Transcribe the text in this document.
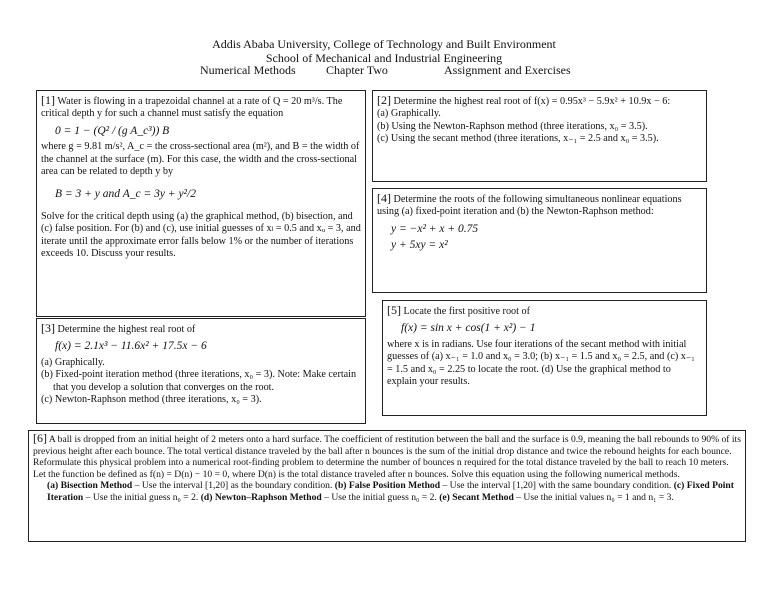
Addis Ababa University, College of Technology and Built Environment
School of Mechanical and Industrial Engineering
Numerical Methods	Chapter Two	Assignment and Exercises

[1] Water is flowing in a trapezoidal channel at a rate of Q = 20 m³/s. The critical depth y for such a channel must satisfy the equation

0 = 1 − (Q² / (g A_c³)) B

where g = 9.81 m/s², A_c = the cross-sectional area (m²), and B = the width of the channel at the surface (m). For this case, the width and the cross-sectional area can be related to depth y by

B = 3 + y and A_c = 3y + y²/2

Solve for the critical depth using (a) the graphical method, (b) bisection, and (c) false position. For (b) and (c), use initial guesses of xₗ = 0.5 and xᵤ = 3, and iterate until the approximate error falls below 1% or the number of iterations exceeds 10. Discuss your results.

[2] Determine the highest real root of f(x) = 0.95x³ − 5.9x² + 10.9x − 6:

(a) Graphically.

(b) Using the Newton-Raphson method (three iterations, x₀ = 3.5).

(c) Using the secant method (three iterations, x₋₁ = 2.5 and x₀ = 3.5).

[4] Determine the roots of the following simultaneous nonlinear equations using (a) fixed-point iteration and (b) the Newton-Raphson method:

y = −x² + x + 0.75
y + 5xy = x²

[3] Determine the highest real root of

f(x) = 2.1x³ − 11.6x² + 17.5x − 6

(a) Graphically.

(b) Fixed-point iteration method (three iterations, x₀ = 3). Note: Make certain that you develop a solution that converges on the root.

(c) Newton-Raphson method (three iterations, x₀ = 3).

[5] Locate the first positive root of

f(x) = sin x + cos(1 + x²) − 1

where x is in radians. Use four iterations of the secant method with initial guesses of (a) x₋₁ = 1.0 and x₀ = 3.0; (b) x₋₁ = 1.5 and x₀ = 2.5, and (c) x₋₁ = 1.5 and x₀ = 2.25 to locate the root. (d) Use the graphical method to explain your results.

[6] A ball is dropped from an initial height of 2 meters onto a hard surface. The coefficient of restitution between the ball and the surface is 0.9, meaning the ball rebounds to 90% of its previous height after each bounce. The total vertical distance traveled by the ball after n bounces is the sum of the initial drop distance and twice the rebound heights for each bounce. Reformulate this physical problem into a numerical root-finding problem to determine the number of bounces n required for the total distance traveled by the ball to reach 10 meters. Let the function be defined as f(n) = D(n) − 10 = 0, where D(n) is the total distance traveled after n bounces. Solve this equation using the following numerical methods.

(a) Bisection Method – Use the interval [1,20] as the boundary condition. (b) False Position Method – Use the interval [1,20] with the same boundary condition. (c) Fixed Point Iteration – Use the initial guess n₀ = 2. (d) Newton–Raphson Method – Use the initial guess n₀ = 2. (e) Secant Method – Use the initial values n₀ = 1 and n₁ = 3.
